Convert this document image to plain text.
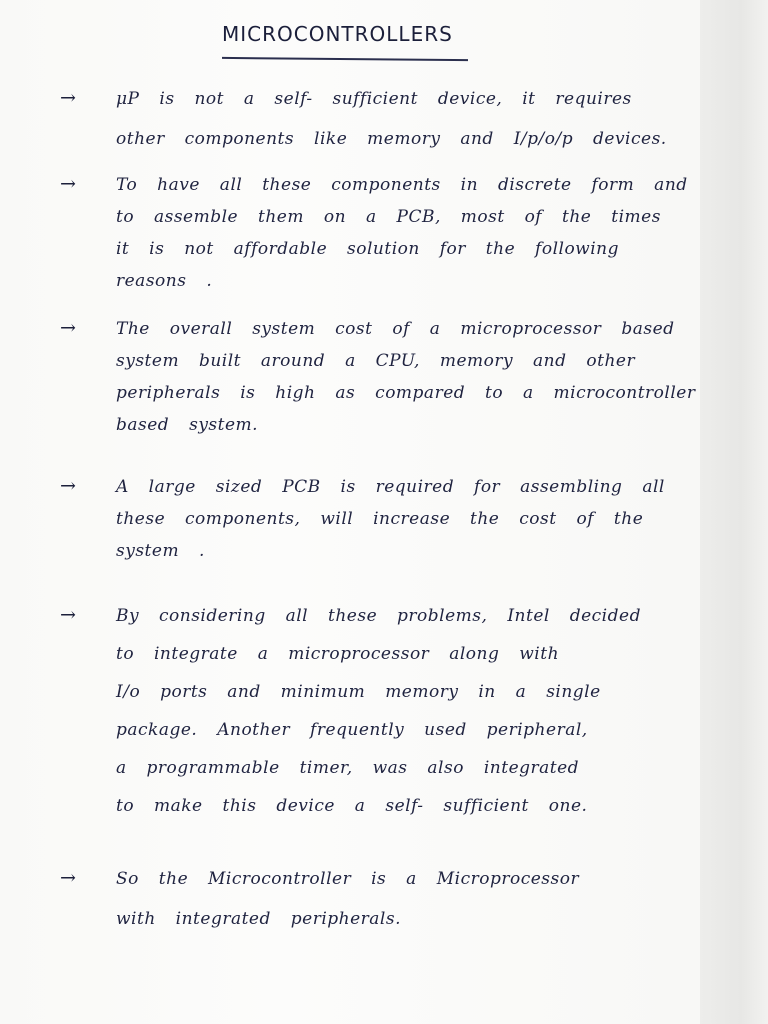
MICROCONTROLLERS
→	μP is not a self- sufficient device, it requires
other components like memory and I/p/o/p devices.
→	To have all these components in discrete form and
to assemble them on a PCB, most of the times
it is not affordable solution for the following
reasons .
→	The overall system cost of a microprocessor based
system built around a CPU, memory and other
peripherals is high as compared to a microcontroller
based system.
→	A large sized PCB is required for assembling all
these components, will increase the cost of the
system .
→	By considering all these problems, Intel decided
to integrate a microprocessor along with
I/o ports and minimum memory in a single
package. Another frequently used peripheral,
a programmable timer, was also integrated
to make this device a self- sufficient one.
→	So the Microcontroller is a Microprocessor
with integrated peripherals.
